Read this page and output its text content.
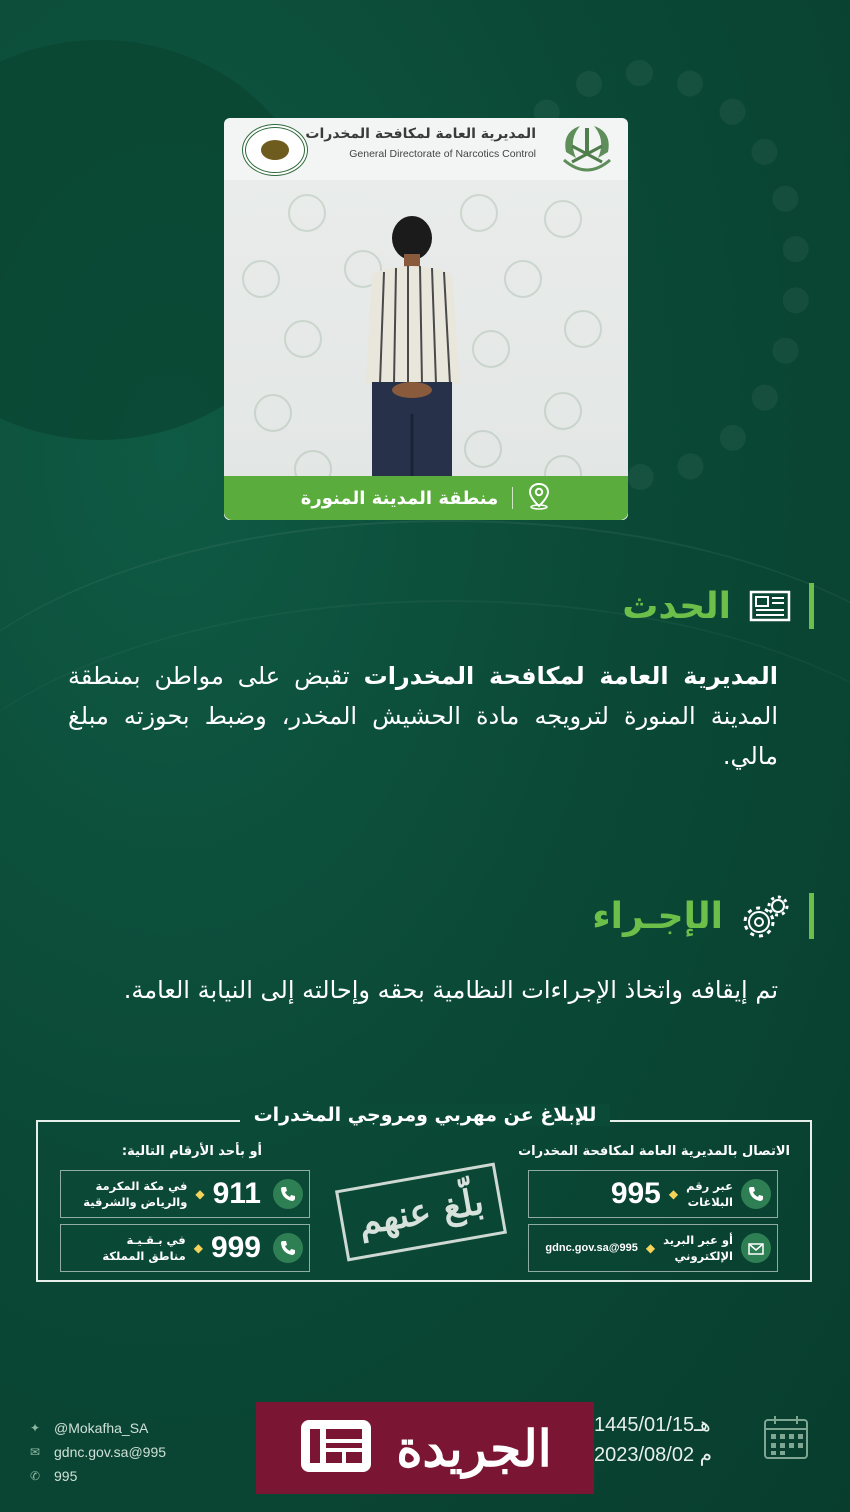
المديرية العامة لمكافحة المخدرات
General Directorate of Narcotics Control
منطقة المدينة المنورة
الحدث
المديرية العامة لمكافحة المخدرات تقبض على مواطن بمنطقة المدينة المنورة لترويجه مادة الحشيش المخدر، وضبط بحوزته مبلغ مالي.
الإجـراء
تم إيقافه واتخاذ الإجراءات النظامية بحقه وإحالته إلى النيابة العامة.
للإبلاغ عن مهربي ومروجي المخدرات
الاتصال بالمديرية العامة لمكافحة المخدرات
أو بأحد الأرقام التالية:
عبر رقم
البلاغات
◆
995
أو عبر البريد
الإلكتروني
◆
995@gdnc.gov.sa
911
◆
في مكة المكرمة
والرياض والشرقية
999
◆
في بـقـيـة
مناطق المملكة
بلّغ عنهم
✦ @Mokafha_SA
✉ gdnc.gov.sa@995
✆ 995
1445/01/15هـ
2023/08/02 م
الجريدة
